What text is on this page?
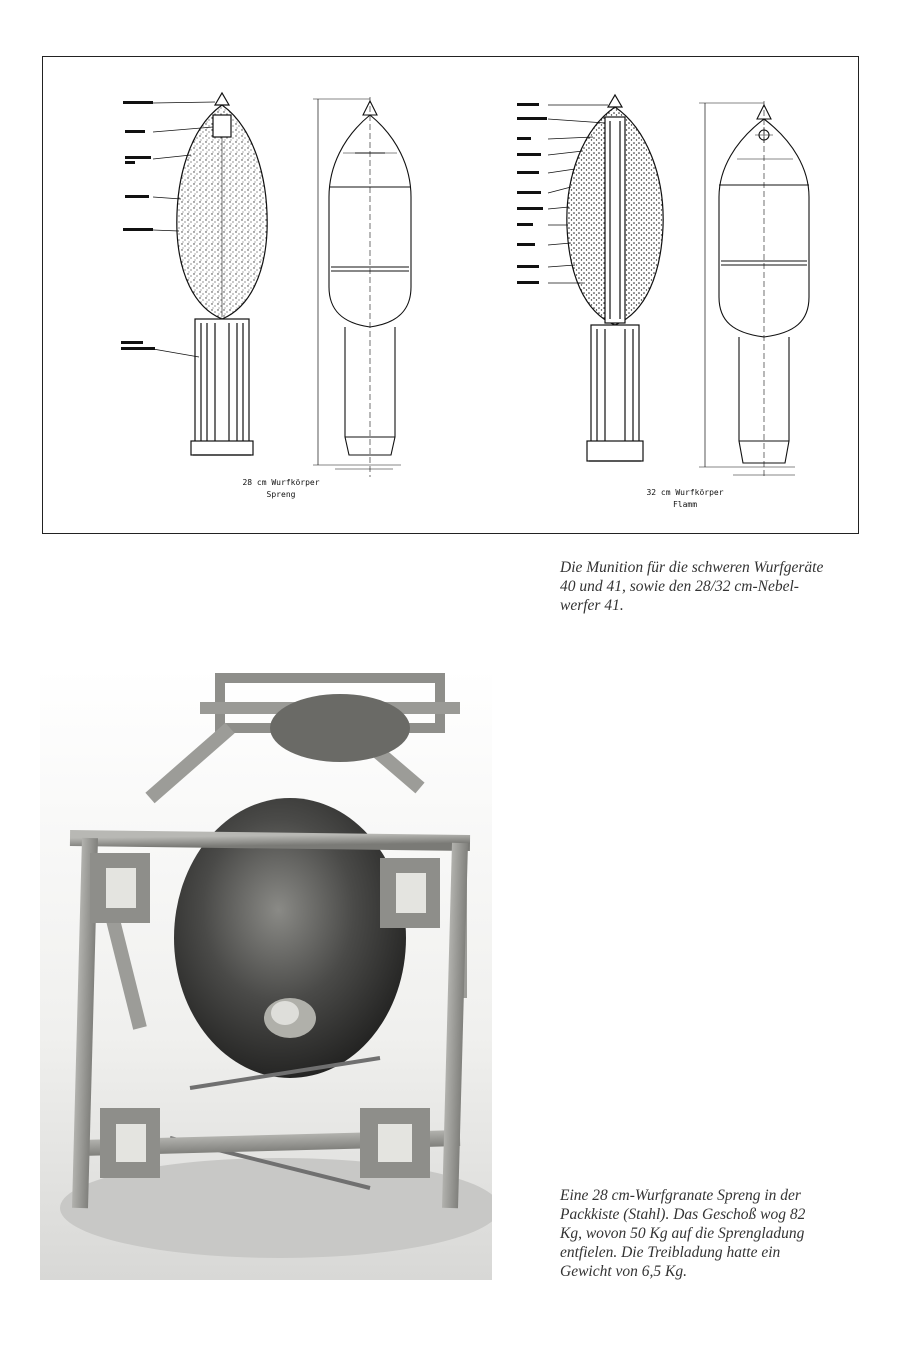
28 cm Wurfkörper
Spreng	32 cm Wurfkörper
Flamm
Die Munition für die schweren Wurfgeräte
40 und 41, sowie den 28/32 cm-Nebel-
werfer 41.
Eine 28 cm-Wurfgranate Spreng in der
Packkiste (Stahl). Das Geschoß wog 82
Kg, wovon 50 Kg auf die Sprengladung
entfielen. Die Treibladung hatte ein
Gewicht von 6,5 Kg.
